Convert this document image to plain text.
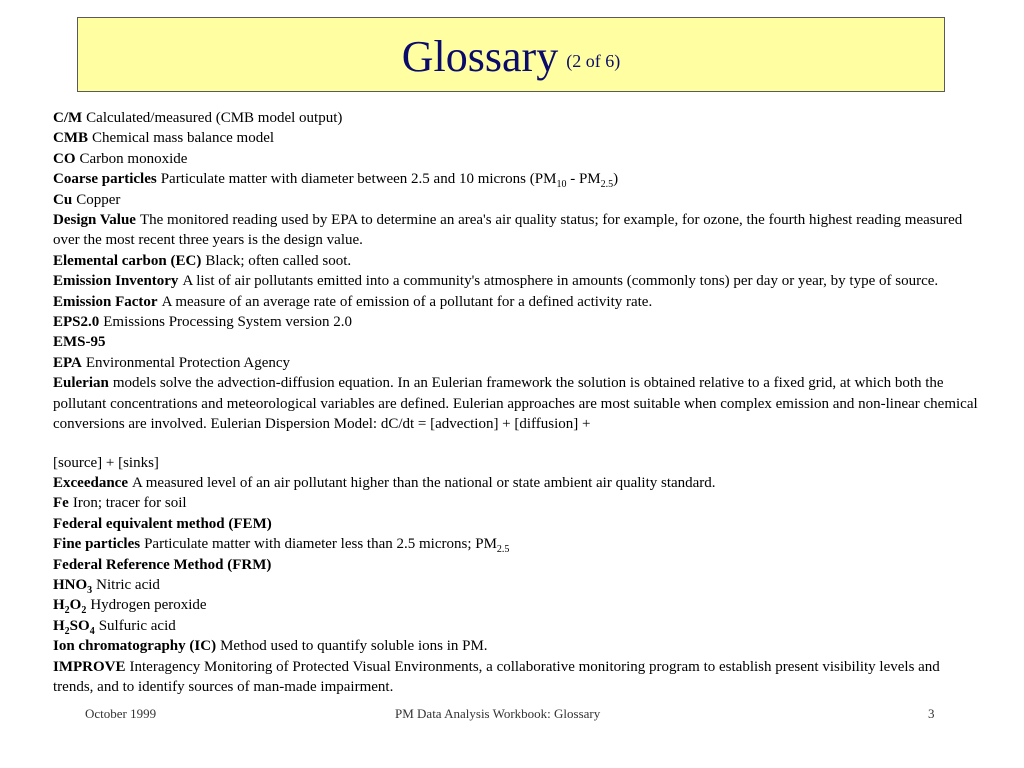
Glossary (2 of 6)

C/M Calculated/measured (CMB model output)

CMB Chemical mass balance model

CO Carbon monoxide

Coarse particles Particulate matter with diameter between 2.5 and 10 microns $(PM_{10} - PM_{2.5})$

Cu Copper

Design Value The monitored reading used by EPA to determine an area's air quality status; for example, for ozone, the fourth highest reading measured over the most recent three years is the design value.

Elemental carbon (EC) Black; often called soot.

Emission Inventory A list of air pollutants emitted into a community's atmosphere in amounts (commonly tons) per day or year, by type of source.

Emission Factor A measure of an average rate of emission of a pollutant for a defined activity rate.

EPS2.0 Emissions Processing System version 2.0

EMS-95

EPA Environmental Protection Agency

Eulerian models solve the advection-diffusion equation. In an Eulerian framework the solution is obtained relative to a fixed grid, at which both the pollutant concentrations and meteorological variables are defined. Eulerian approaches are most suitable when complex emission and non-linear chemical conversions are involved. Eulerian Dispersion Model: dC/dt = [advection] + [diffusion] +

[source] + [sinks]

Exceedance A measured level of an air pollutant higher than the national or state ambient air quality standard.

Fe Iron; tracer for soil

Federal equivalent method (FEM)

Fine particles Particulate matter with diameter less than 2.5 microns; $PM_{2.5}$

Federal Reference Method (FRM)

$HNO_3$ Nitric acid

$H_2O_2$ Hydrogen peroxide

$H_2SO_4$ Sulfuric acid

Ion chromatography (IC) Method used to quantify soluble ions in PM.

IMPROVE Interagency Monitoring of Protected Visual Environments, a collaborative monitoring program to establish present visibility levels and trends, and to identify sources of man-made impairment.

October 1999	PM Data Analysis Workbook: Glossary	3
